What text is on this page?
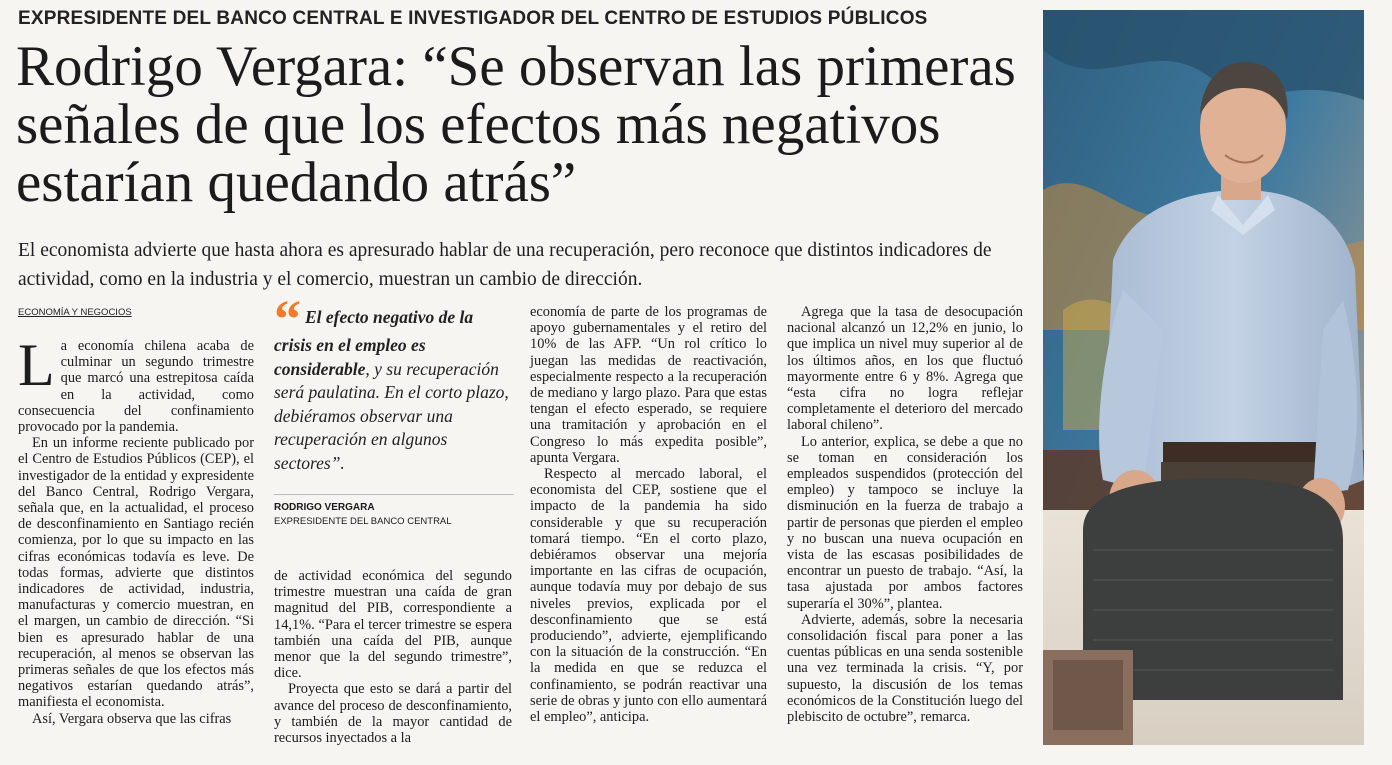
EXPRESIDENTE DEL BANCO CENTRAL E INVESTIGADOR DEL CENTRO DE ESTUDIOS PÚBLICOS
Rodrigo Vergara: “Se observan las primeras señales de que los efectos más negativos estarían quedando atrás”
El economista advierte que hasta ahora es apresurado hablar de una recuperación, pero reconoce que distintos indicadores de actividad, como en la industria y el comercio, muestran un cambio de dirección.
ECONOMÍA Y NEGOCIOS

La economía chilena acaba de culminar un segundo trimestre que marcó una estrepitosa caída en la actividad, como consecuencia del confinamiento provocado por la pandemia.

En un informe reciente publicado por el Centro de Estudios Públicos (CEP), el investigador de la entidad y expresidente del Banco Central, Rodrigo Vergara, señala que, en la actualidad, el proceso de desconfinamiento en Santiago recién comienza, por lo que su impacto en las cifras económicas todavía es leve. De todas formas, advierte que distintos indicadores de actividad, industria, manufacturas y comercio muestran, en el margen, un cambio de dirección. “Si bien es apresurado hablar de una recuperación, al menos se observan las primeras señales de que los efectos más negativos estarían quedando atrás”, manifiesta el economista.

Así, Vergara observa que las cifras

“ El efecto negativo de la crisis en el empleo es considerable, y su recuperación será paulatina. En el corto plazo, debiéramos observar una recuperación en algunos sectores”.
RODRIGO VERGARA
EXPRESIDENTE DEL BANCO CENTRAL

de actividad económica del segundo trimestre muestran una caída de gran magnitud del PIB, correspondiente a 14,1%. “Para el tercer trimestre se espera también una caída del PIB, aunque menor que la del segundo trimestre”, dice.

Proyecta que esto se dará a partir del avance del proceso de desconfinamiento, y también de la mayor cantidad de recursos inyectados a la

economía de parte de los programas de apoyo gubernamentales y el retiro del 10% de las AFP. “Un rol crítico lo juegan las medidas de reactivación, especialmente respecto a la recuperación de mediano y largo plazo. Para que estas tengan el efecto esperado, se requiere una tramitación y aprobación en el Congreso lo más expedita posible”, apunta Vergara.

Respecto al mercado laboral, el economista del CEP, sostiene que el impacto de la pandemia ha sido considerable y que su recuperación tomará tiempo. “En el corto plazo, debiéramos observar una mejoría importante en las cifras de ocupación, aunque todavía muy por debajo de sus niveles previos, explicada por el desconfinamiento que se está produciendo”, advierte, ejemplificando con la situación de la construcción. “En la medida en que se reduzca el confinamiento, se podrán reactivar una serie de obras y junto con ello aumentará el empleo”, anticipa.

Agrega que la tasa de desocupación nacional alcanzó un 12,2% en junio, lo que implica un nivel muy superior al de los últimos años, en los que fluctuó mayormente entre 6 y 8%. Agrega que “esta cifra no logra reflejar completamente el deterioro del mercado laboral chileno”.

Lo anterior, explica, se debe a que no se toman en consideración los empleados suspendidos (protección del empleo) y tampoco se incluye la disminución en la fuerza de trabajo a partir de personas que pierden el empleo y no buscan una nueva ocupación en vista de las escasas posibilidades de encontrar un puesto de trabajo. “Así, la tasa ajustada por ambos factores superaría el 30%”, plantea.

Advierte, además, sobre la necesaria consolidación fiscal para poner a las cuentas públicas en una senda sostenible una vez terminada la crisis. “Y, por supuesto, la discusión de los temas económicos de la Constitución luego del plebiscito de octubre”, remarca.
